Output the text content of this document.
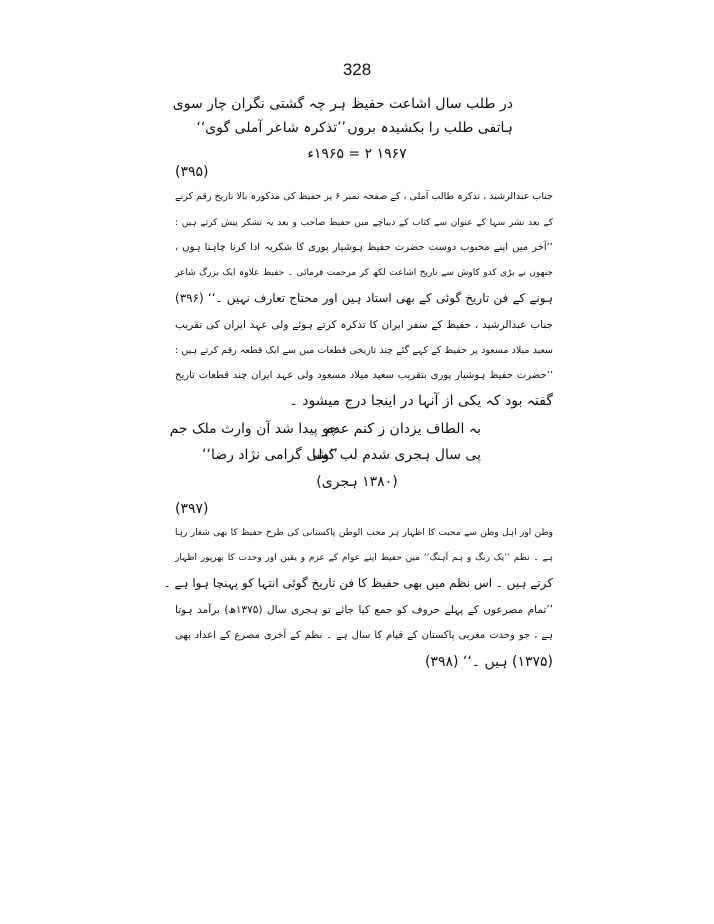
328
در طلب سال اشاعت حفیظ
ہر چہ گشتی نگران چار سوی
ہاتفی طلب را بکشیدہ بروں
’’تذکرہ شاعر آملی گوی‘‘
۱۹۶۷ ۲ = ۱۹۶۵ء
(۳۹۵)
جناب عبدالرشید ، تذکرہ طالب آملی ، کے صفحہ نمبر ۶ پر حفیظ کی مذکورہ بالا تاریخ رقم کرنے
کے بعد نشر سہا کے عنوان سے کتاب کے دیباچے میں حفیظ صاحب و بعد یہ تشکر پیش کرتے ہیں :
’’آخر میں اپنے محبوب دوست حضرت حفیظ ہوشیار پوری کا شکریہ ادا کرنا چاہتا ہوں ،
جنھوں نے بڑی کدو کاوش سے تاریخ اشاعت لکھ کر مرحمت فرمائی ۔ حفیظ علاوہ ایک بزرگ شاعر
ہونے کے فن تاریخ گوئی کے بھی استاد ہیں اور محتاج تعارف نہیں ۔‘‘ (۳۹۶)
جناب عبدالرشید ، حفیظ کے سفر ایران کا تذکرہ کرتے ہوئے ولی عہد ایران کی تقریب
سعید میلاد مسعود پر حفیظ کے کہے گئے چند تاریخی قطعات میں سے ایک قطعہ رقم کرتے ہیں :
’’حضرت حفیظ ہوشیار پوری بتقریب سعید میلاد مسعود ولی عہد ایران چند قطعات تاریخ
گفتہ بود کہ یکی از آنہا در اینجا درج میشود ۔
بہ الطاف یزدان ز کنم عدم
چو پیدا شد آن وارث ملک جم
پی سال ہجری شدم لب کشا
’’ولی گرامی نژاد رضا‘‘
(۱۳۸۰ ہجری)
(۳۹۷)
وطن اور اہل وطن سے محبت کا اظہار ہر محب الوطن پاکستانی کی طرح حفیظ کا بھی شعار رہا
ہے ۔ نظم ’’یک رنگ و ہم آہنگ‘‘ میں حفیظ اپنے عوام کے عزم و یقین اور وحدت کا بھرپور اظہار
کرتے ہیں ۔ اس نظم میں بھی حفیظ کا فن تاریخ گوئی انتہا کو پہنچا ہوا ہے ۔
’’تمام مصرعوں کے پہلے حروف کو جمع کیا جائے تو ہجری سال (۱۳۷۵ھ) برآمد ہوتا
ہے ، جو وحدت مغربی پاکستان کے قیام کا سال ہے ۔ نظم کے آخری مصرع کے اعداد بھی
(۱۳۷۵) ہیں ۔‘‘ (۳۹۸)
